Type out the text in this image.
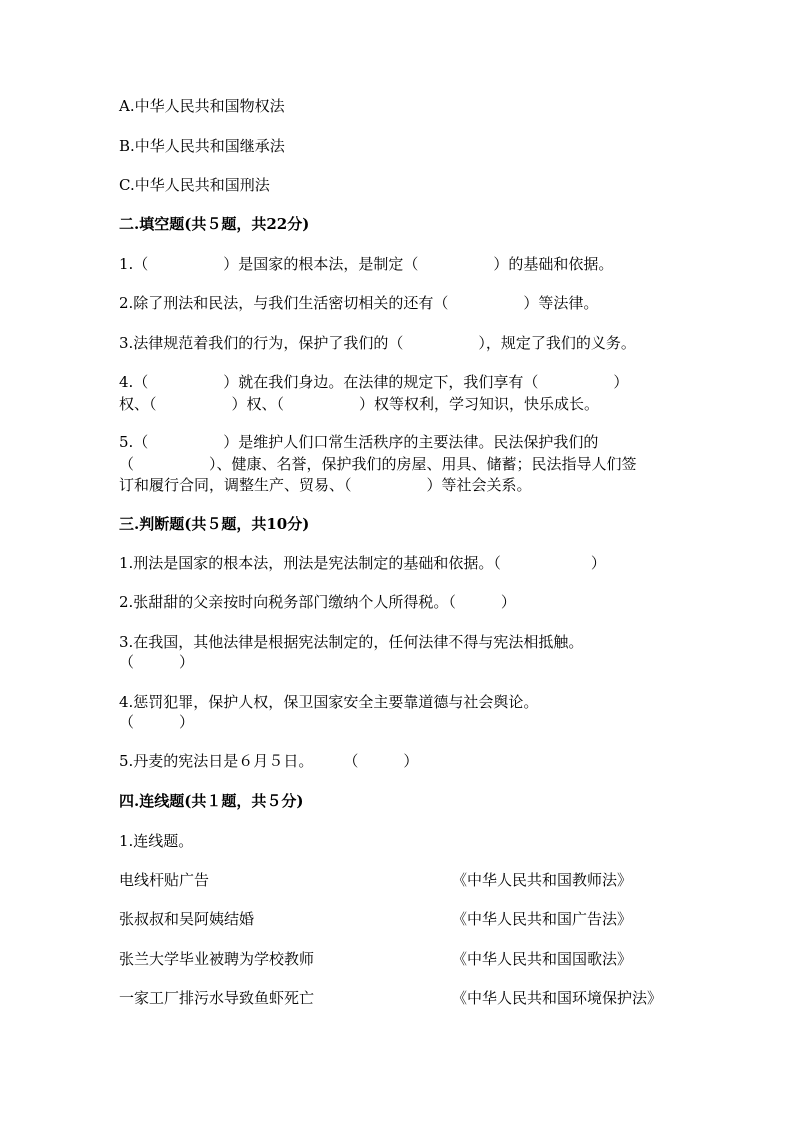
A.中华人民共和国物权法
B.中华人民共和国继承法
C.中华人民共和国刑法
二.填空题(共５题，共22分)
1.（　　　　　）是国家的根本法，是制定（　　　　　）的基础和依据。
2.除了刑法和民法，与我们生活密切相关的还有（　　　　　）等法律。
3.法律规范着我们的行为，保护了我们的（　　　　　），规定了我们的义务。
4.（　　　　　）就在我们身边。在法律的规定下，我们享有（　　　　　）
权、（　　　　　）权、（　　　　　）权等权利，学习知识，快乐成长。
5.（　　　　　）是维护人们口常生活秩序的主要法律。民法保护我们的
（　　　　　）、健康、名誉，保护我们的房屋、用具、储蓄；民法指导人们签
订和履行合同，调整生产、贸易、（　　　　　）等社会关系。
三.判断题(共５题，共10分)
1.刑法是国家的根本法，刑法是宪法制定的基础和依据。（　　　　　　）
2.张甜甜的父亲按时向税务部门缴纳个人所得税。（　　　）
3.在我国，其他法律是根据宪法制定的，任何法律不得与宪法相抵触。
（　　　）
4.惩罚犯罪，保护人权，保卫国家安全主要靠道德与社会舆论。
（　　　）
5.丹麦的宪法日是６月５日。　　　（　　　）
四.连线题(共１题，共５分)
1.连线题。
电线杆贴广告	《中华人民共和国教师法》
张叔叔和吴阿姨结婚	《中华人民共和国广告法》
张兰大学毕业被聘为学校教师	《中华人民共和国国歌法》
一家工厂排污水导致鱼虾死亡	《中华人民共和国环境保护法》
